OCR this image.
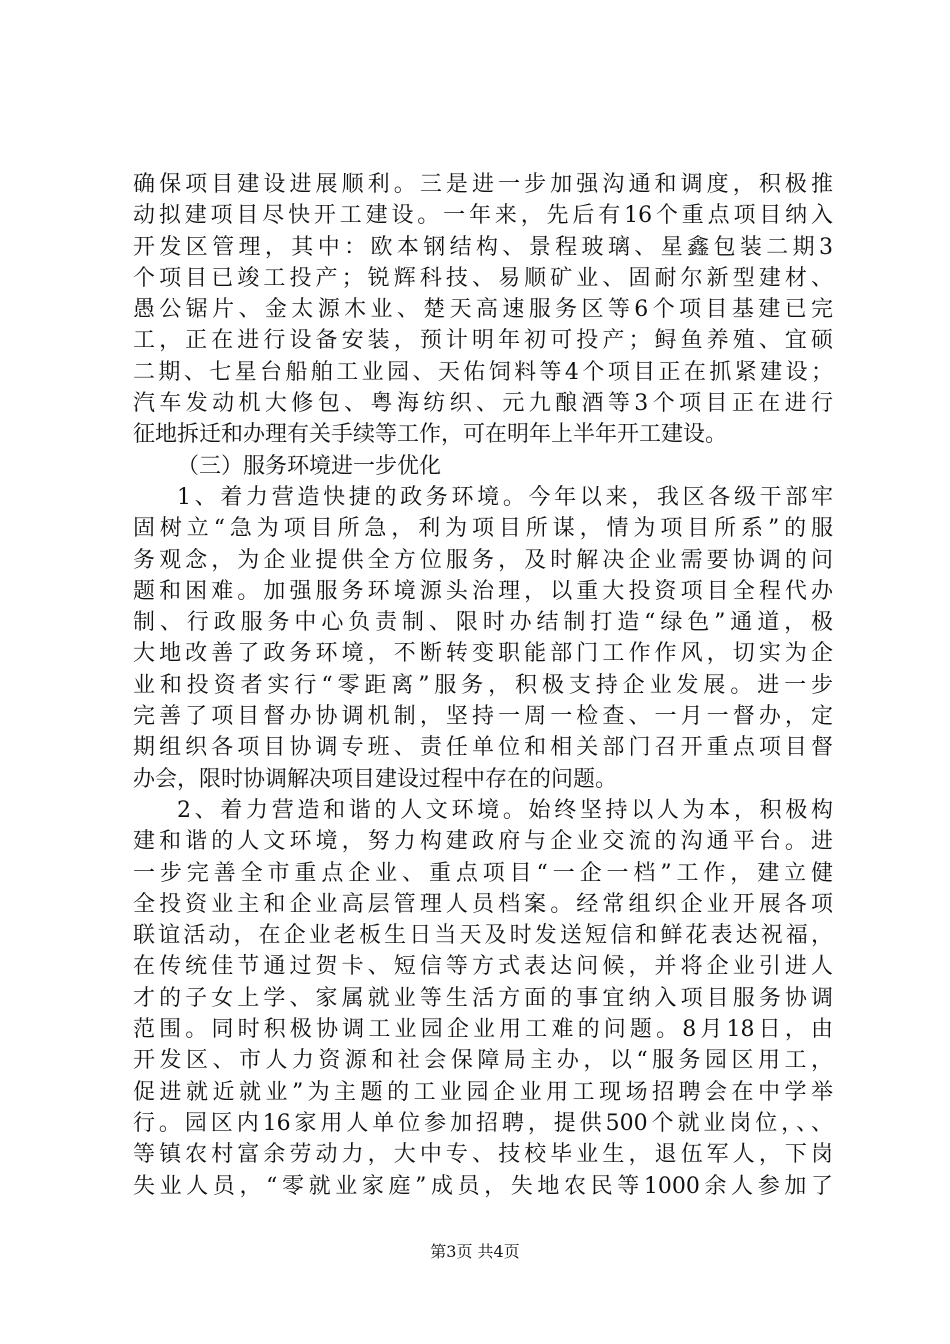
确保项目建设进展顺利。三是进一步加强沟通和调度，积极推
动拟建项目尽快开工建设。一年来，先后有16个重点项目纳入
开发区管理，其中：欧本钢结构、景程玻璃、星鑫包装二期3
个项目已竣工投产；锐辉科技、易顺矿业、固耐尔新型建材、
愚公锯片、金太源木业、楚天高速服务区等6个项目基建已完
工，正在进行设备安装，预计明年初可投产；鲟鱼养殖、宜硕
二期、七星台船舶工业园、天佑饲料等4个项目正在抓紧建设；
汽车发动机大修包、粤海纺织、元九酿酒等3个项目正在进行
征地拆迁和办理有关手续等工作，可在明年上半年开工建设。
（三）服务环境进一步优化
1、着力营造快捷的政务环境。今年以来，我区各级干部牢
固树立“急为项目所急，利为项目所谋，情为项目所系”的服
务观念，为企业提供全方位服务，及时解决企业需要协调的问
题和困难。加强服务环境源头治理，以重大投资项目全程代办
制、行政服务中心负责制、限时办结制打造“绿色”通道，极
大地改善了政务环境，不断转变职能部门工作作风，切实为企
业和投资者实行“零距离”服务，积极支持企业发展。进一步
完善了项目督办协调机制，坚持一周一检查、一月一督办，定
期组织各项目协调专班、责任单位和相关部门召开重点项目督
办会，限时协调解决项目建设过程中存在的问题。
2、着力营造和谐的人文环境。始终坚持以人为本，积极构
建和谐的人文环境，努力构建政府与企业交流的沟通平台。进
一步完善全市重点企业、重点项目“一企一档”工作，建立健
全投资业主和企业高层管理人员档案。经常组织企业开展各项
联谊活动，在企业老板生日当天及时发送短信和鲜花表达祝福，
在传统佳节通过贺卡、短信等方式表达问候，并将企业引进人
才的子女上学、家属就业等生活方面的事宜纳入项目服务协调
范围。同时积极协调工业园企业用工难的问题。8月18日，由
开发区、市人力资源和社会保障局主办，以“服务园区用工，
促进就近就业”为主题的工业园企业用工现场招聘会在中学举
行。园区内16家用人单位参加招聘，提供500个就业岗位，、、
等镇农村富余劳动力，大中专、技校毕业生，退伍军人，下岗
失业人员，“零就业家庭”成员，失地农民等1000余人参加了
第3页 共4页
